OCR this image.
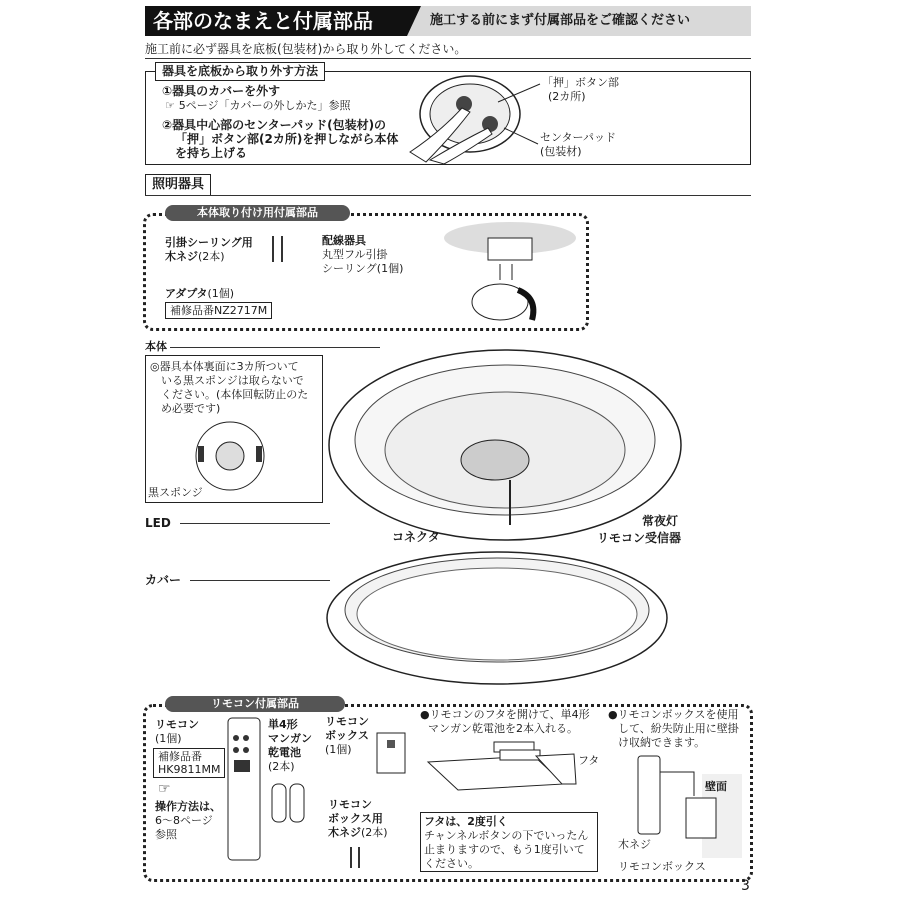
各部のなまえと付属部品	施工する前にまず付属部品をご確認ください
施工前に必ず器具を底板(包装材)から取り外してください。
器具を底板から取り外す方法
①器具のカバーを外す
☞ 5ページ「カバーの外しかた」参照
②器具中心部のセンターパッド(包装材)の
「押」ボタン部(2カ所)を押しながら本体
を持ち上げる
「押」ボタン部
(2カ所)
センターパッド
(包装材)
照明器具
本体取り付け用付属部品
引掛シーリング用
木ネジ(2本)
配線器具
丸型フル引掛
シーリング(1個)
アダプタ(1個)
補修品番NZ2717M
本体
◎器具本体裏面に3カ所ついて
いる黒スポンジは取らないで
ください。(本体回転防止のた
め必要です)
黒スポンジ
LED
コネクタ
常夜灯
リモコン受信器
カバー
リモコン付属部品
リモコン
(1個)
補修品番
HK9811MM
☞
操作方法は、
6～8ページ
参照
単4形
マンガン
乾電池
(2本)
リモコン
ボックス
(1個)
リモコン
ボックス用
木ネジ(2本)
●リモコンのフタを開けて、単4形
マンガン乾電池を2本入れる。
フタ
フタは、2度引く
チャンネルボタンの下でいったん
止まりますので、もう1度引いて
ください。
●リモコンボックスを使用
して、紛失防止用に壁掛
け収納できます。
壁面
木ネジ
リモコンボックス
3
